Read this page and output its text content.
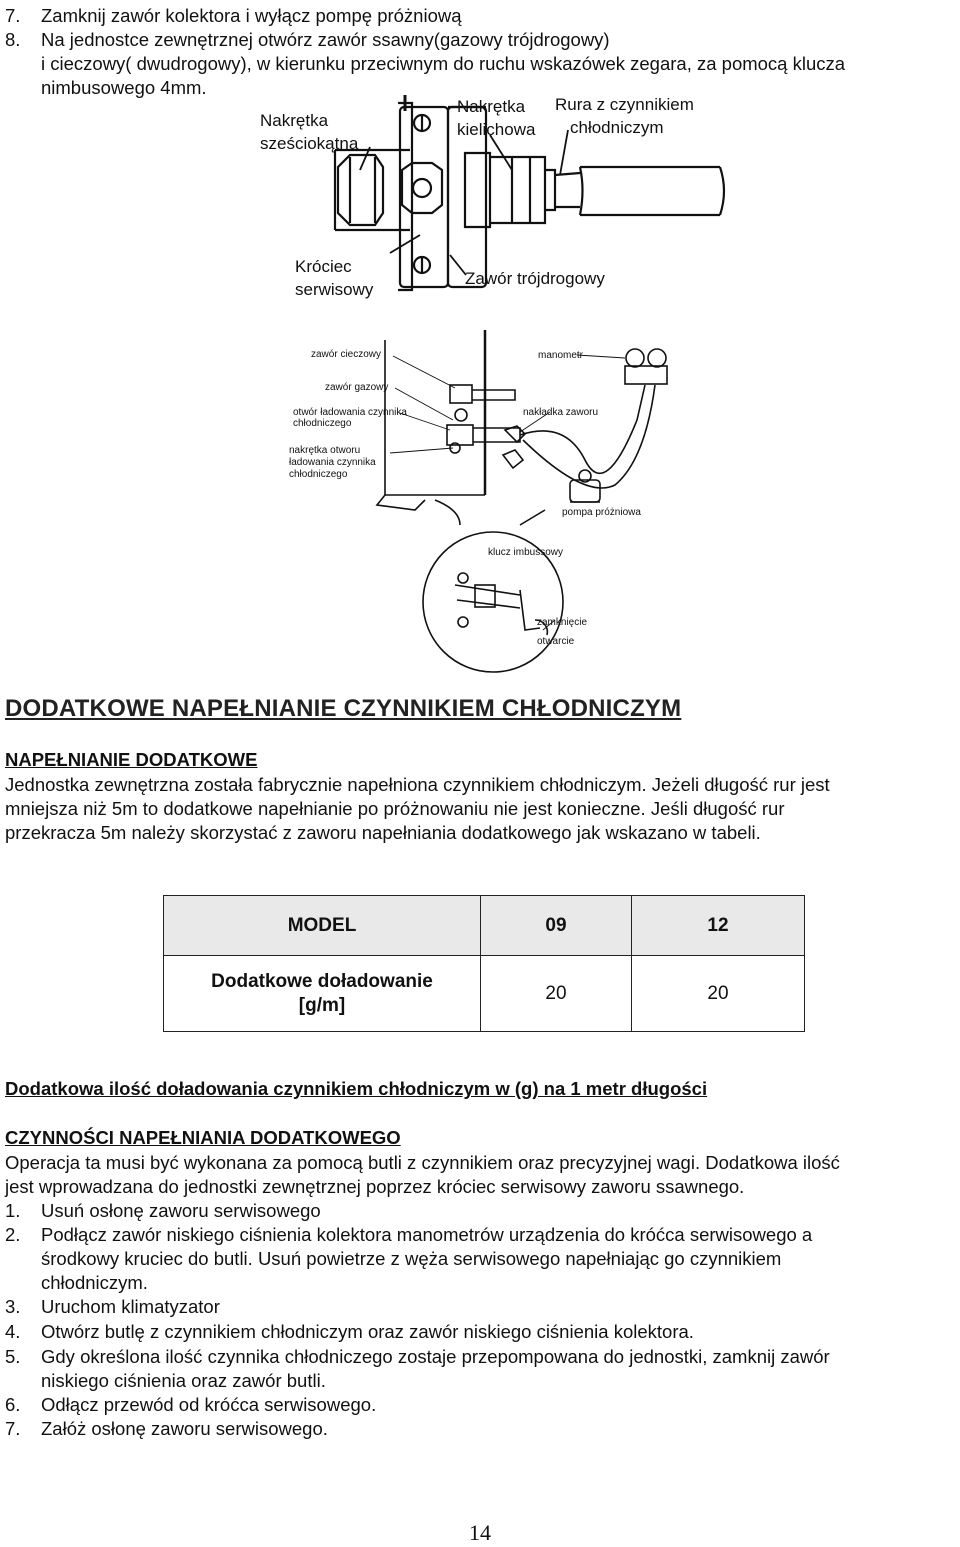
7. Zamknij zawór kolektora i wyłącz pompę próżniową
8. Na jednostce zewnętrznej otwórz zawór ssawny(gazowy trójdrogowy)
i cieczowy( dwudrogowy), w kierunku przeciwnym do ruchu wskazówek zegara, za pomocą klucza
nimbusowego 4mm.
Nakrętka
sześciokątna
Nakrętka
kielichowa
Rura z czynnikiem
chłodniczym
Króciec
serwisowy
Zawór trójdrogowy
zawór cieczowy
zawór gazowy
otwór ładowania czynnika
chłodniczego
nakrętka otworu
ładowania czynnika
chłodniczego
manometr
nakładka zaworu
pompa próżniowa
klucz imbussowy
zamknięcie
otwarcie
DODATKOWE NAPEŁNIANIE CZYNNIKIEM CHŁODNICZYM
NAPEŁNIANIE DODATKOWE
Jednostka zewnętrzna została fabrycznie napełniona czynnikiem chłodniczym. Jeżeli długość rur jest
mniejsza niż 5m to dodatkowe napełnianie po próżnowaniu nie jest konieczne. Jeśli długość rur
przekracza 5m należy skorzystać z zaworu napełniania dodatkowego jak wskazano w tabeli.
MODEL	09	12
Dodatkowe doładowanie
[g/m]	20	20
Dodatkowa ilość doładowania czynnikiem chłodniczym w (g) na 1 metr długości
CZYNNOŚCI NAPEŁNIANIA DODATKOWEGO
Operacja ta musi być wykonana za pomocą butli z czynnikiem oraz precyzyjnej wagi. Dodatkowa ilość
jest wprowadzana do jednostki zewnętrznej poprzez króciec serwisowy zaworu ssawnego.
1. Usuń osłonę zaworu serwisowego
2. Podłącz zawór niskiego ciśnienia kolektora manometrów urządzenia do króćca serwisowego a
środkowy kruciec do butli. Usuń powietrze z węża serwisowego napełniając go czynnikiem
chłodniczym.
3. Uruchom klimatyzator
4. Otwórz butlę z czynnikiem chłodniczym oraz zawór niskiego ciśnienia kolektora.
5. Gdy określona ilość czynnika chłodniczego zostaje przepompowana do jednostki, zamknij zawór
niskiego ciśnienia oraz zawór butli.
6. Odłącz przewód od króćca serwisowego.
7. Załóż osłonę zaworu serwisowego.
14
